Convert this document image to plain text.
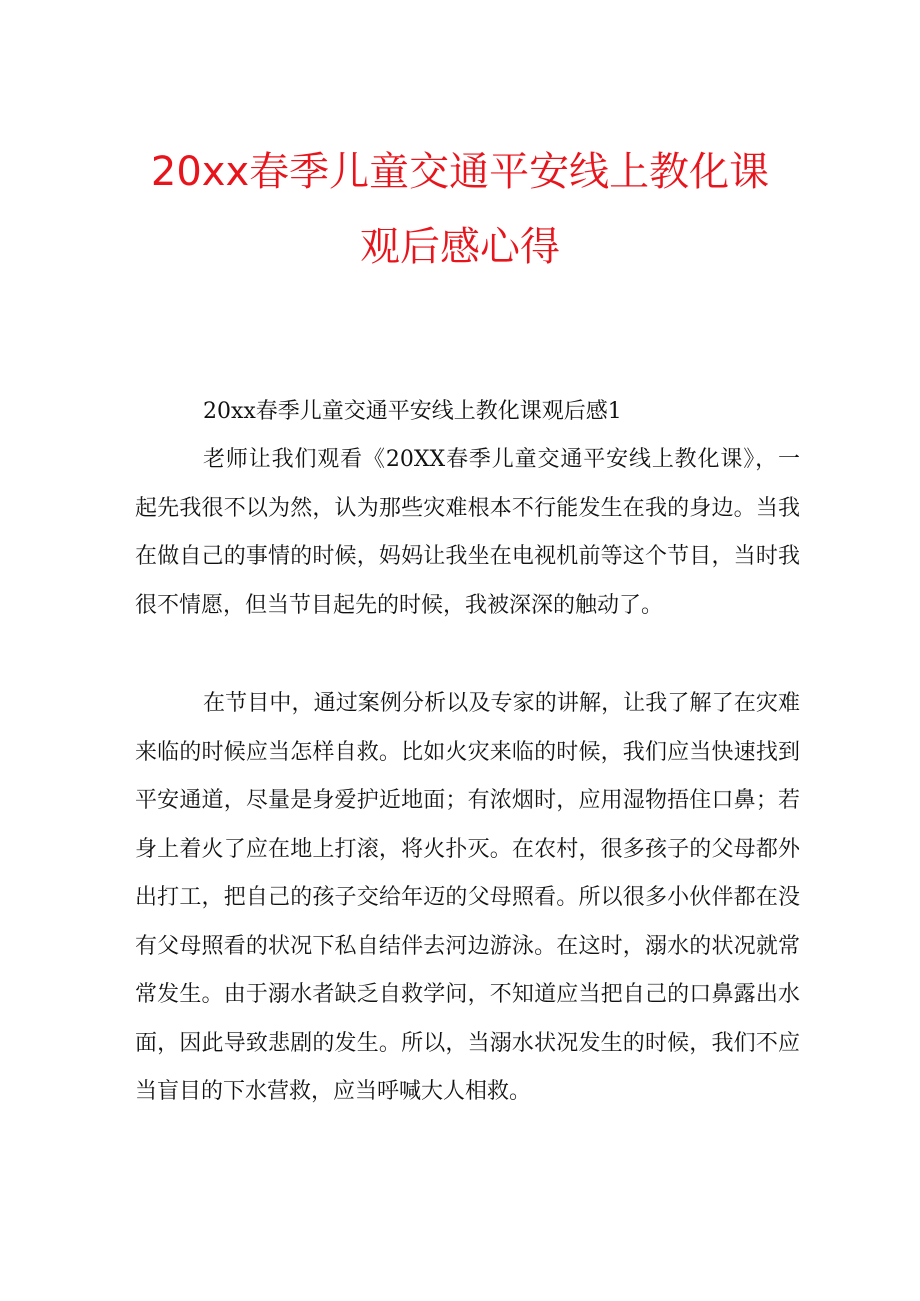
20xx春季儿童交通平安线上教化课
观后感心得
20xx春季儿童交通平安线上教化课观后感1
老师让我们观看《20XX春季儿童交通平安线上教化课》，一起先我很不以为然，认为那些灾难根本不行能发生在我的身边。当我在做自己的事情的时候，妈妈让我坐在电视机前等这个节目，当时我很不情愿，但当节目起先的时候，我被深深的触动了。
在节目中，通过案例分析以及专家的讲解，让我了解了在灾难来临的时候应当怎样自救。比如火灾来临的时候，我们应当快速找到平安通道，尽量是身爱护近地面；有浓烟时，应用湿物捂住口鼻；若身上着火了应在地上打滚，将火扑灭。在农村，很多孩子的父母都外出打工，把自己的孩子交给年迈的父母照看。所以很多小伙伴都在没有父母照看的状况下私自结伴去河边游泳。在这时，溺水的状况就常常发生。由于溺水者缺乏自救学问，不知道应当把自己的口鼻露出水面，因此导致悲剧的发生。所以，当溺水状况发生的时候，我们不应当盲目的下水营救，应当呼喊大人相救。
